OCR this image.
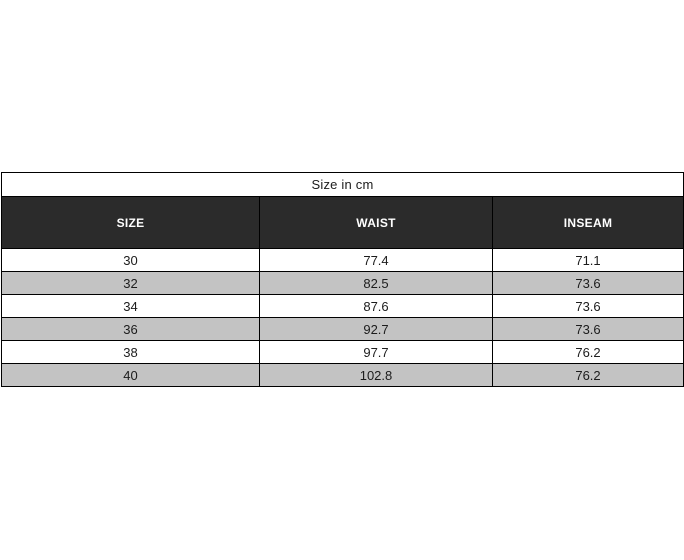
Size in cm		
SIZE	WAIST	INSEAM
30	77.4	71.1
32	82.5	73.6
34	87.6	73.6
36	92.7	73.6
38	97.7	76.2
40	102.8	76.2
